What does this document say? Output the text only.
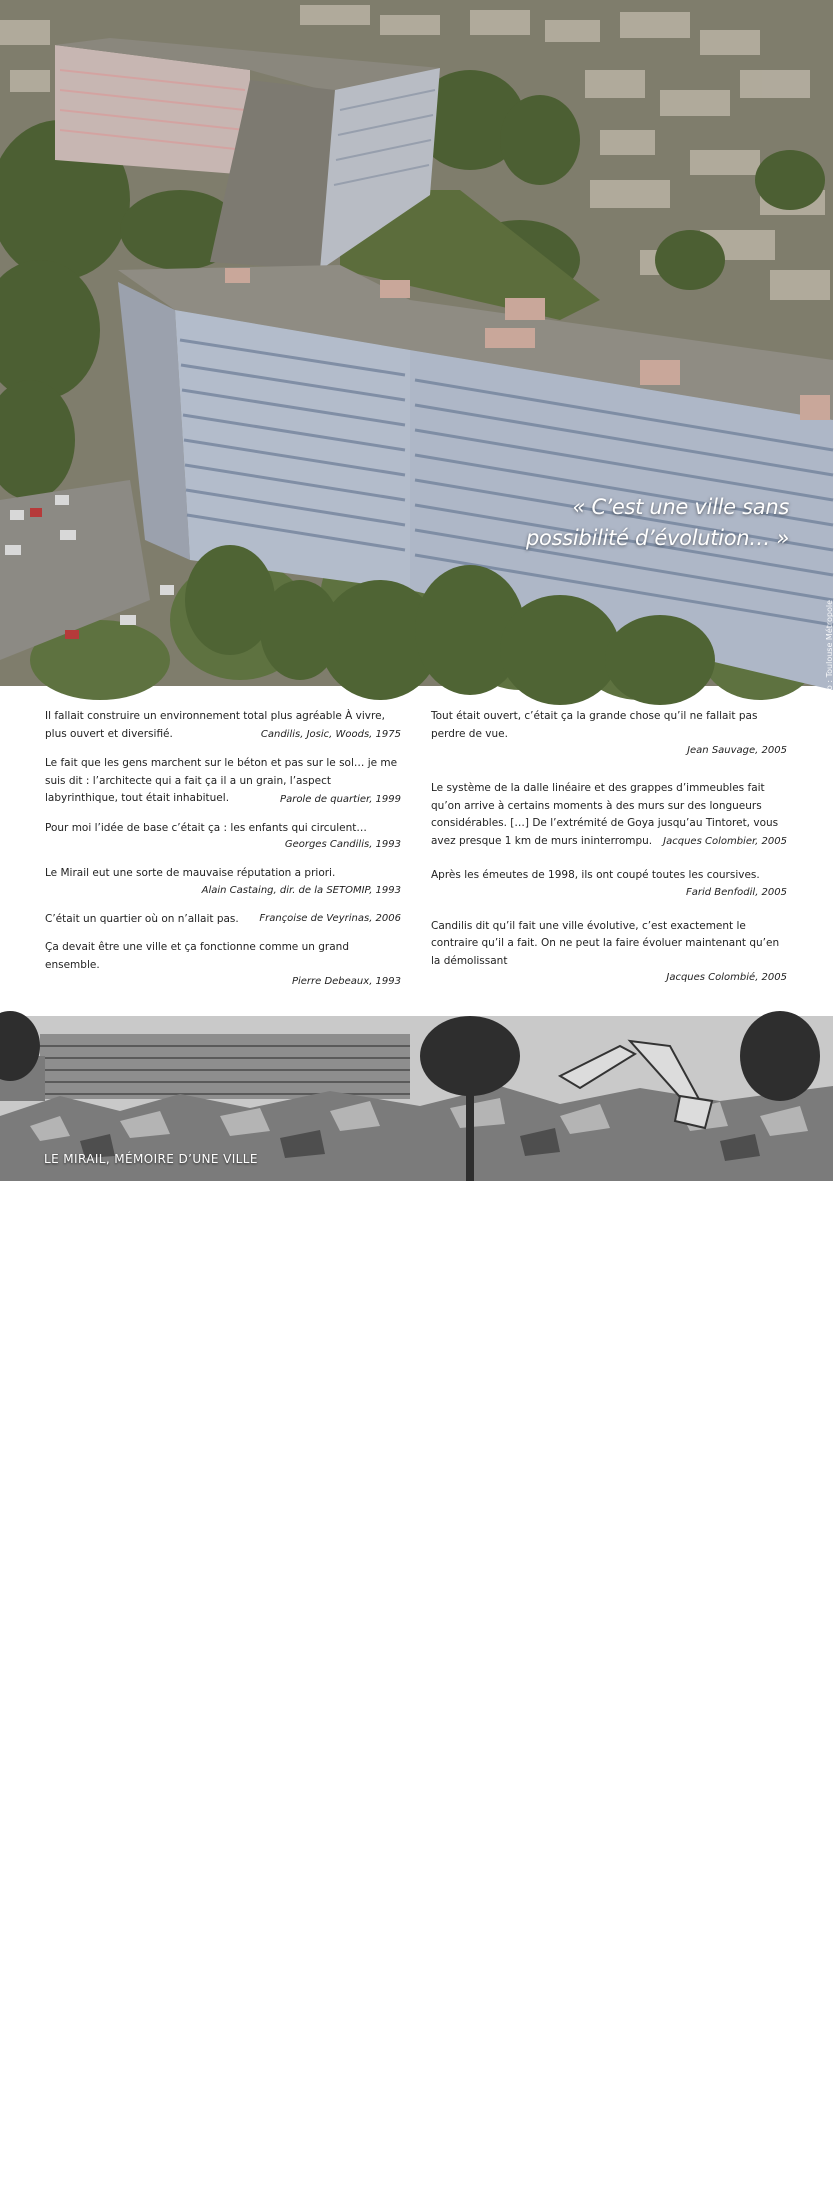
« C’est une ville sans
possibilité d’évolution… »
Photo : Toulouse Métropole

Il fallait construire un environnement total plus agréable À vivre, plus ouvert et diversifié.	Candilis, Josic, Woods, 1975

Le fait que les gens marchent sur le béton et pas sur le sol… je me suis dit : l’architecte qui a fait ça il a un grain, l’aspect labyrinthique, tout était inhabituel.	Parole de quartier, 1999

Pour moi l’idée de base c’était ça : les enfants qui circulent…

Georges Candilis, 1993

Le Mirail eut une sorte de mauvaise réputation a priori.

Alain Castaing, dir. de la SETOMIP, 1993

C’était un quartier où on n’allait pas.	Françoise de Veyrinas, 2006

Ça devait être une ville et ça fonctionne comme un grand ensemble.

Pierre Debeaux, 1993

Tout était ouvert, c’était ça la grande chose qu’il ne fallait pas perdre de vue.

Jean Sauvage, 2005

Le système de la dalle linéaire et des grappes d’immeubles fait qu’on arrive à certains moments à des murs sur des longueurs considérables. […] De l’extrémité de Goya jusqu’au Tintoret, vous avez presque 1 km de murs ininterrompu.	Jacques Colombier, 2005

Après les émeutes de 1998, ils ont coupé toutes les coursives.

Farid Benfodil, 2005

Candilis dit qu’il fait une ville évolutive, c’est exactement le contraire qu’il a fait. On ne peut la faire évoluer maintenant qu’en la démolissant

Jacques Colombié, 2005

Photo : Robert Faccornes
LE MIRAIL, MÉMOIRE D’UNE VILLE
